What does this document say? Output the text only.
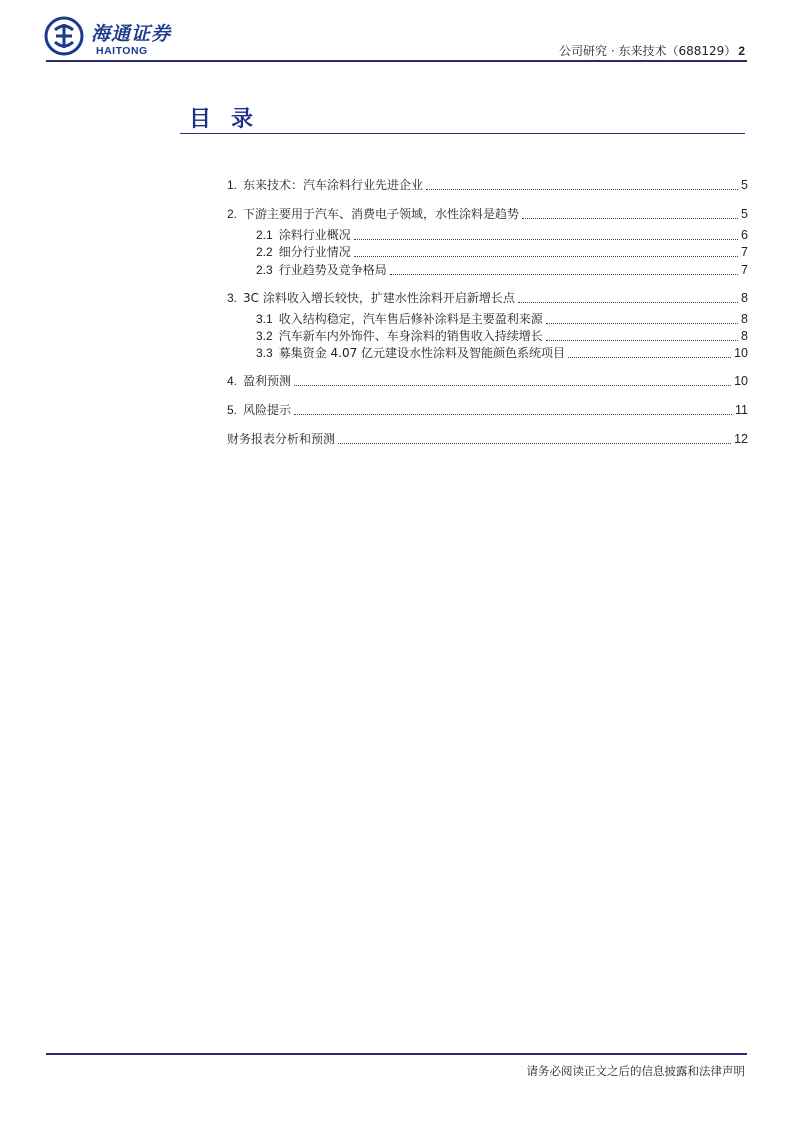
海通证券
HAITONG	公司研究 · 东来技术（688129） 2
目录
1. 东来技术：汽车涂料行业先进企业	5
2. 下游主要用于汽车、消费电子领域，水性涂料是趋势	5
2.1 涂料行业概况	6
2.2 细分行业情况	7
2.3 行业趋势及竞争格局	7
3. 3C 涂料收入增长较快，扩建水性涂料开启新增长点	8
3.1 收入结构稳定，汽车售后修补涂料是主要盈利来源	8
3.2 汽车新车内外饰件、车身涂料的销售收入持续增长	8
3.3 募集资金 4.07 亿元建设水性涂料及智能颜色系统项目	10
4. 盈利预测	10
5. 风险提示	11
财务报表分析和预测	12
请务必阅读正文之后的信息披露和法律声明
